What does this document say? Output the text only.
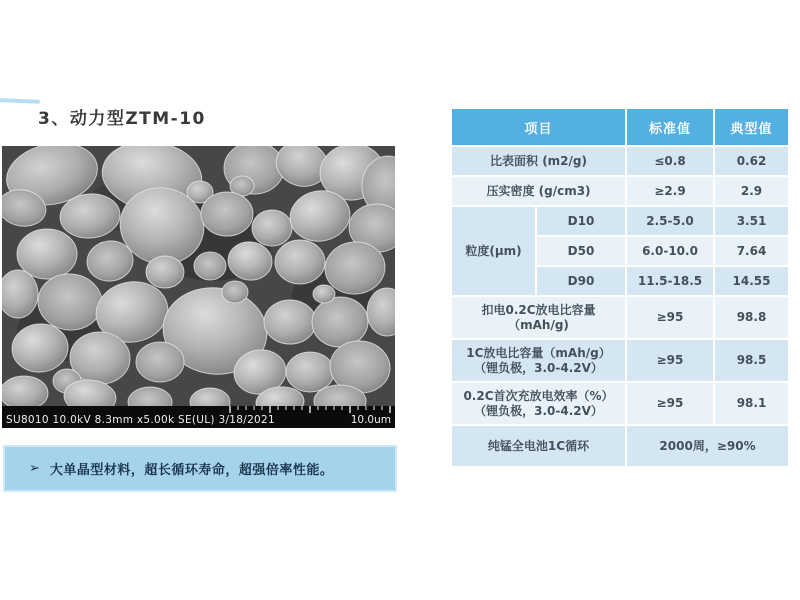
3、动力型ZTM-10
SU8010 10.0kV 8.3mm x5.00k SE(UL) 3/18/2021	10.0um
项目		标准值	典型值
比表面积 (m2/g)		≤0.8	0.62
压实密度 (g/cm3)		≥2.9	2.9
粒度(μm)	D10	2.5-5.0	3.51
	D50	6.0-10.0	7.64
	D90	11.5-18.5	14.55

扣电0.2C放电比容量
（mAh/g)		≥95	98.8

1C放电比容量（mAh/g）
（锂负极，3.0-4.2V）		≥95	98.5

0.2C首次充放电效率（%）
（锂负极，3.0-4.2V）		≥95	98.1
纯锰全电池1C循环		2000周，≥90%	
➢ 大单晶型材料，超长循环寿命，超强倍率性能。
